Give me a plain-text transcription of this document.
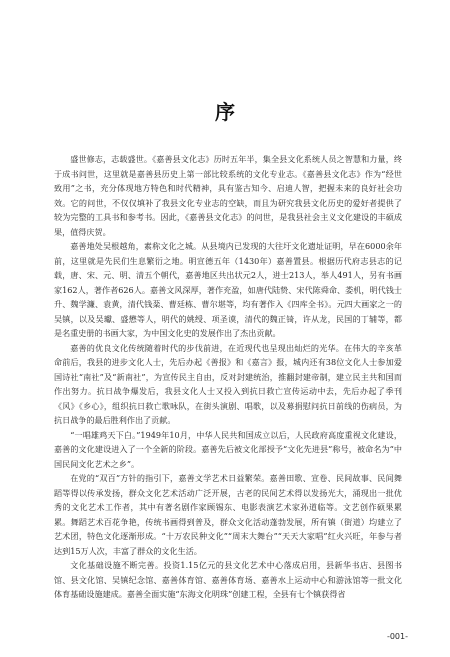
序

盛世修志，志载盛世。《嘉善县文化志》历时五年半，集全县文化系统人员之智慧和力量，终于成书问世，这里就是嘉善县历史上第一部比较系统的文化专业志。《嘉善县文化志》作为“经世致用”之书，充分体现地方特色和时代精神，具有鉴古知今、启迪人智，把握未来的良好社会功效。它的问世，不仅仅填补了我县文化专业志的空缺，而且为研究我县文化历史的爱好者提供了较为完整的工具书和参考书。因此，《嘉善县文化志》的问世，是我县社会主义文化建设的丰硕成果，值得庆贺。

嘉善地处吴根越角，素称文化之城。从县境内已发现的大往圩文化遗址证明，早在6000余年前，这里就是先民们生息繁衍之地。明宣德五年（1430年）嘉善置县。根据历代府志县志的记载，唐、宋、元、明、清五个朝代，嘉善地区共出状元2人，进士213人，举人491人，另有书画家162人，著作者626人。嘉善文风深厚，著作充盈，如唐代陆贽、宋代陈舜命、娄机，明代钱士升、魏学濂、袁黄，清代钱棻、曹廷栋、曹尔堪等，均有著作入《四库全书》。元四大画家之一的吴镇，以及吴瓛、盛懋等人，明代的姚绶、项圣谟，清代的魏正锜，许从龙，民国的丁辅等，都是名重史册的书画大家，为中国文化史的发展作出了杰出贡献。

嘉善的优良文化传统随着时代的步伐前进，在近现代也呈现出灿烂的光华。在伟大的辛亥革命前后，我县的进步文化人士，先后办起《善报》和《嘉言》报，城内还有38位文化人士参加爱国诗社“南社”及“新南社”，为宣传民主自由，反对封建统治，推翻封建帝制，建立民主共和国而作出努力。抗日战争爆发后，我县文化人士又投入到抗日救亡宣传运动中去，先后办起了季刊《风》《乡心》，组织抗日救亡歌咏队，在街头演剧、唱歌，以及募捐慰问抗日前线的伤病员，为抗日战争的最后胜利作出了贡献。

“一唱雄鸡天下白。”1949年10月，中华人民共和国成立以后，人民政府高度重视文化建设，嘉善的文化建设进入了一个全新的阶段。嘉善先后被文化部授予“文化先进县”称号，被命名为“中国民间文化艺术之乡”。

在党的“双百”方针的指引下，嘉善文学艺术日益繁荣。嘉善田歌、宣卷、民间故事、民间舞蹈等得以传承发扬，群众文化艺术活动广泛开展，古老的民间艺术得以发扬光大，涌现出一批优秀的文化艺术工作者，其中有著名剧作家顾锡东、电影表演艺术家孙道临等。文艺创作硕果累累。舞蹈艺术百花争艳，传统书画得到普及，群众文化活动蓬勃发展，所有镇（街道）均建立了艺术团，特色文化逐渐形成。“十万农民种文化”“周末大舞台”“天天大家唱”红火兴旺，年参与者达到15万人次，丰富了群众的文化生活。

文化基础设施不断完善。投资1.15亿元的县文化艺术中心落成启用，县新华书店、县图书馆、县文化馆、吴镇纪念馆、嘉善体育馆、嘉善体育场、嘉善水上运动中心和游泳馆等一批文化体育基础设施建成。嘉善全面实施“东海文化明珠”创建工程，全县有七个镇获得省

-001-
